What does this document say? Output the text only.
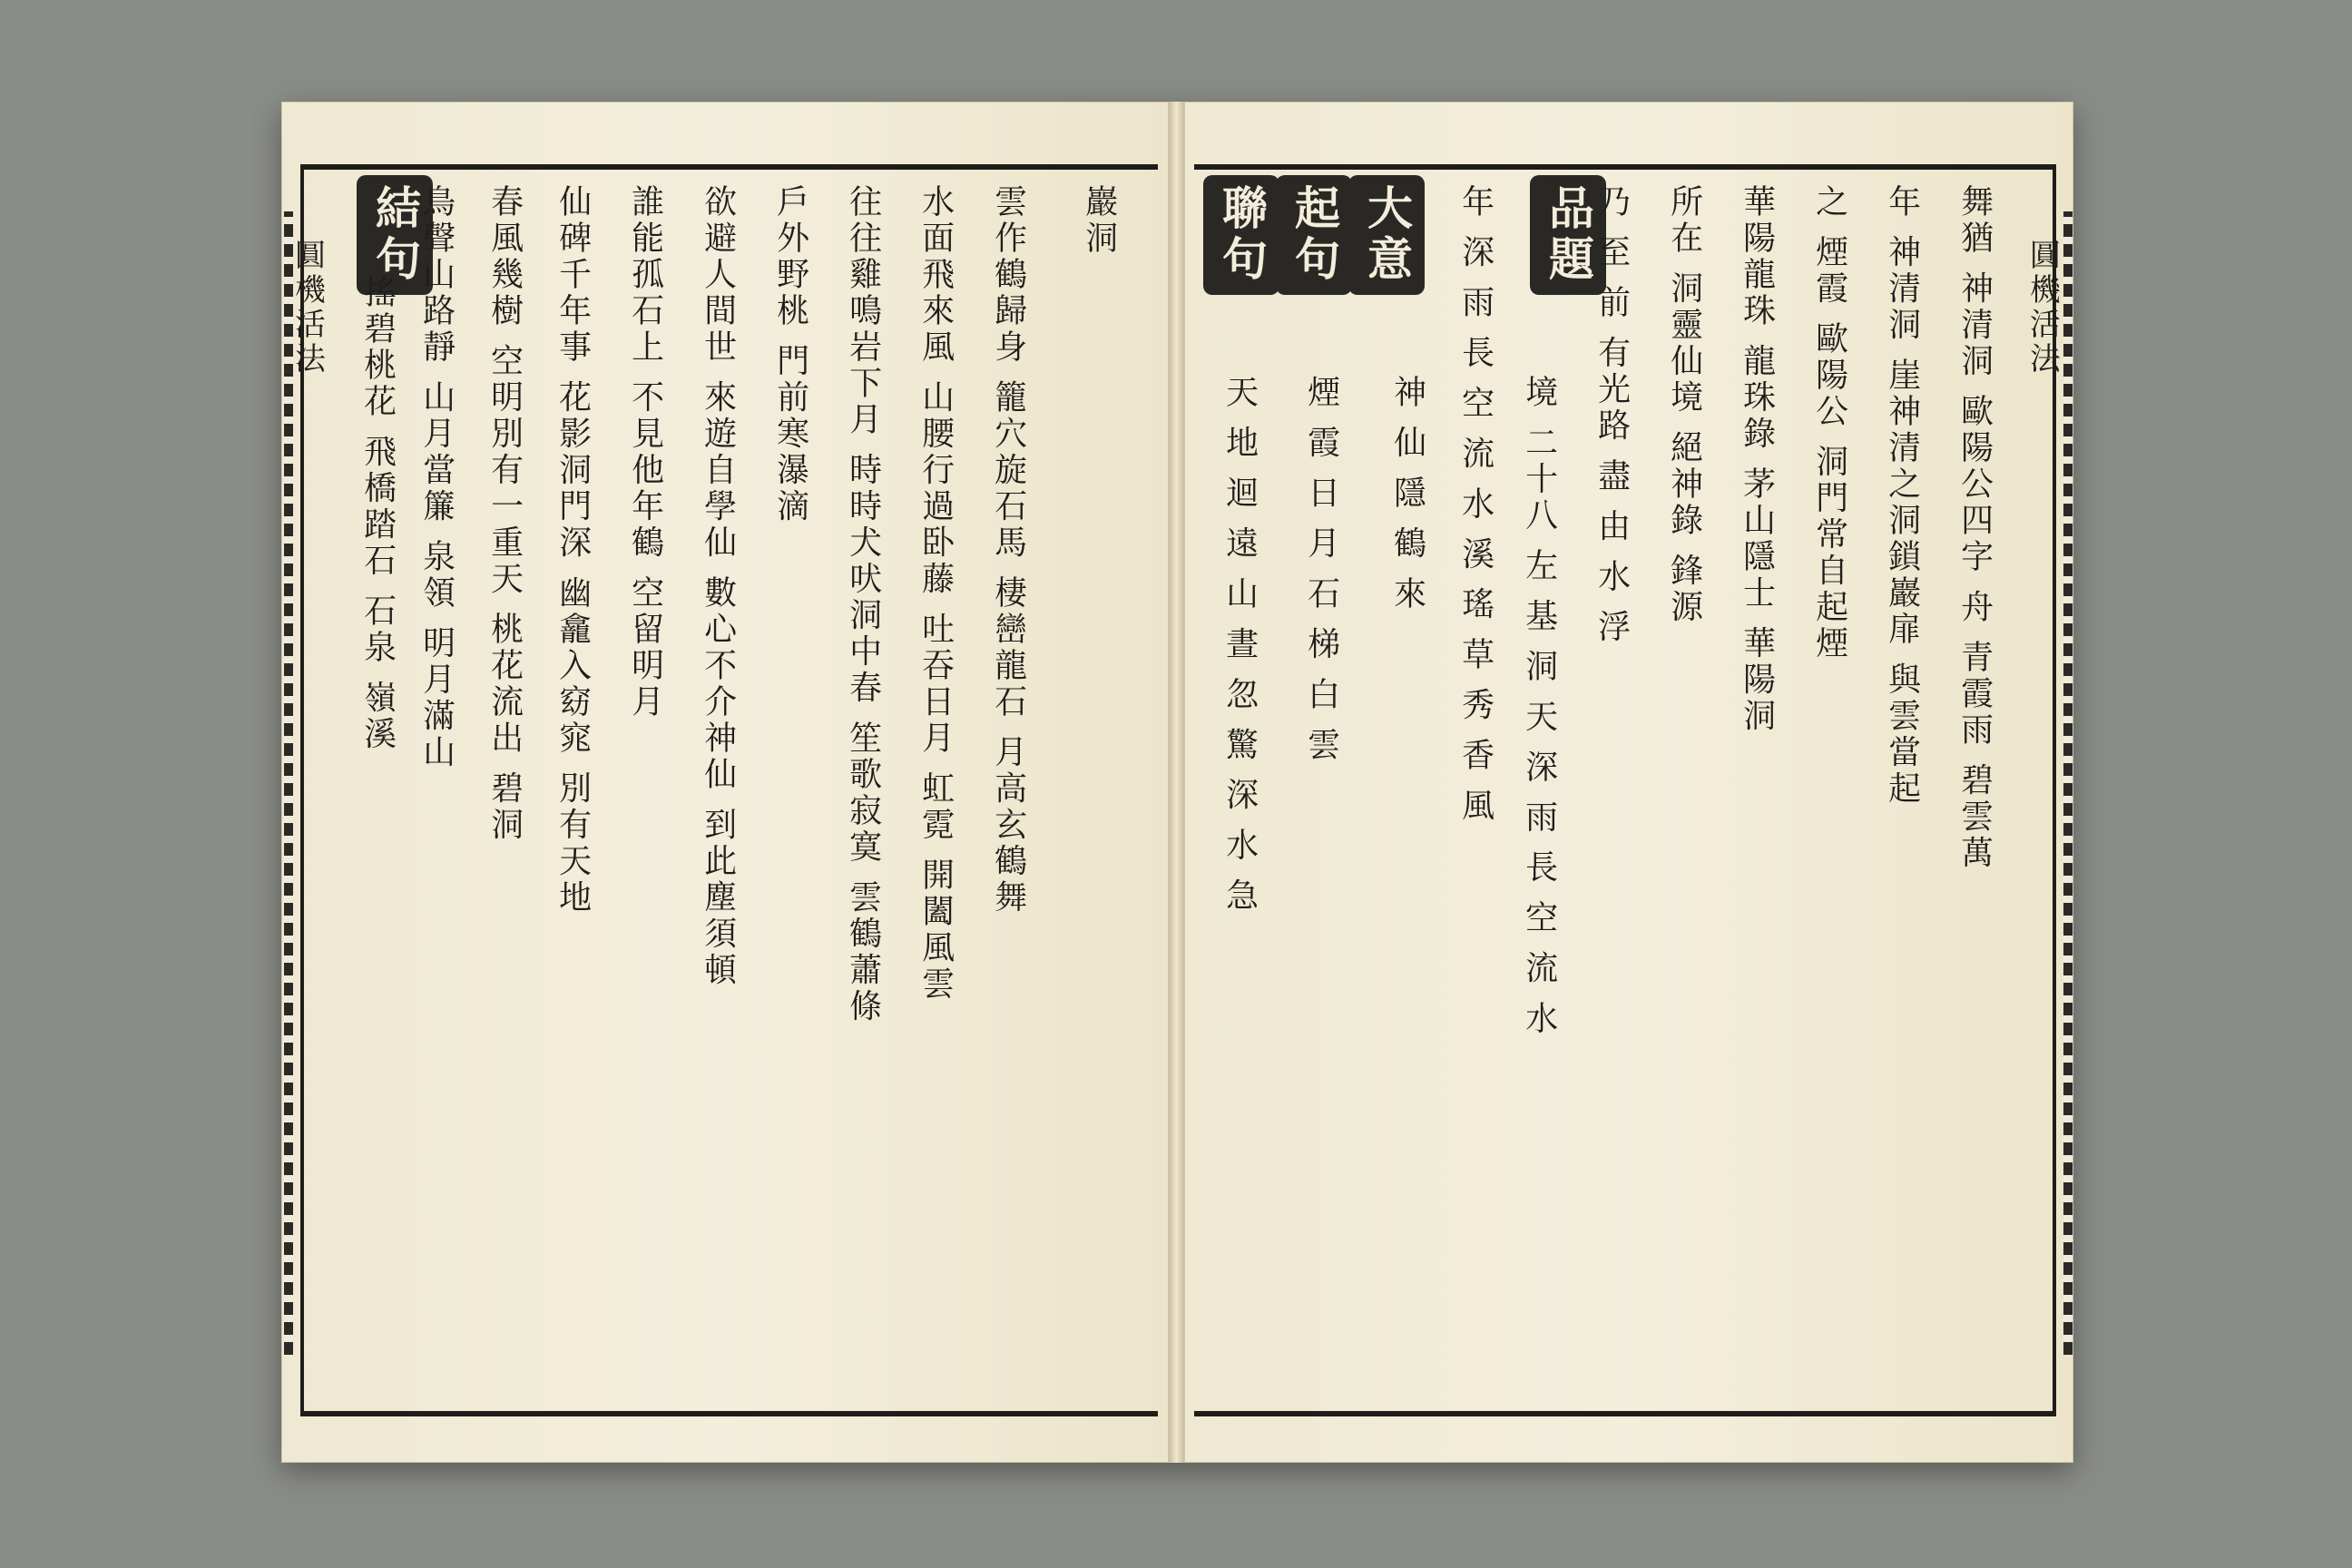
圓機活法
結句
搖碧桃花 飛橋踏石 石泉 嶺溪 鳥聲山路靜 山月當簾 泉領 明月滿山 春風幾樹 空明別有一重天 桃花流出 碧洞 仙碑千年事 花影洞門深 幽龕入窈窕 別有天地 誰能孤石上 不見他年鶴 空留明月 欲避人間世 來遊自學仙 數心不介神仙 到此塵須頓 戶外野桃 門前寒瀑滴 往往雞鳴岩下月 時時犬吠洞中春 笙歌寂寞 雲鶴蕭條 水面飛來風 山腰行過卧藤 吐吞日月 虹霓 開闔風雲 雲作鶴歸身 籠穴旋石馬 棲巒龍石 月高玄鶴舞 巖洞
圓機活法
聯句 起句 大意	品題
天 地 迴 遠 山 晝 忽 驚 深 水 急 煙 霞 日 月 石 梯 白 雲 神 仙 隱 鶴 來 年 深 雨 長 空 流 水 溪 瑤 草 秀 香 風 境 二十八 左 基 洞 天 深 雨 長 空 流 水 乃 至 前 有光路 盡 由 水 浮 所在 洞靈仙境 絕神錄 鋒源 華陽龍珠 龍珠錄 茅山隱士 華陽洞 之 煙霞 歐陽公 洞門常自起煙 年 神清洞 崖神清之洞鎖巖扉 與雲當起 舞猶 神清洞 歐陽公四字 舟 青霞雨 碧雲萬
